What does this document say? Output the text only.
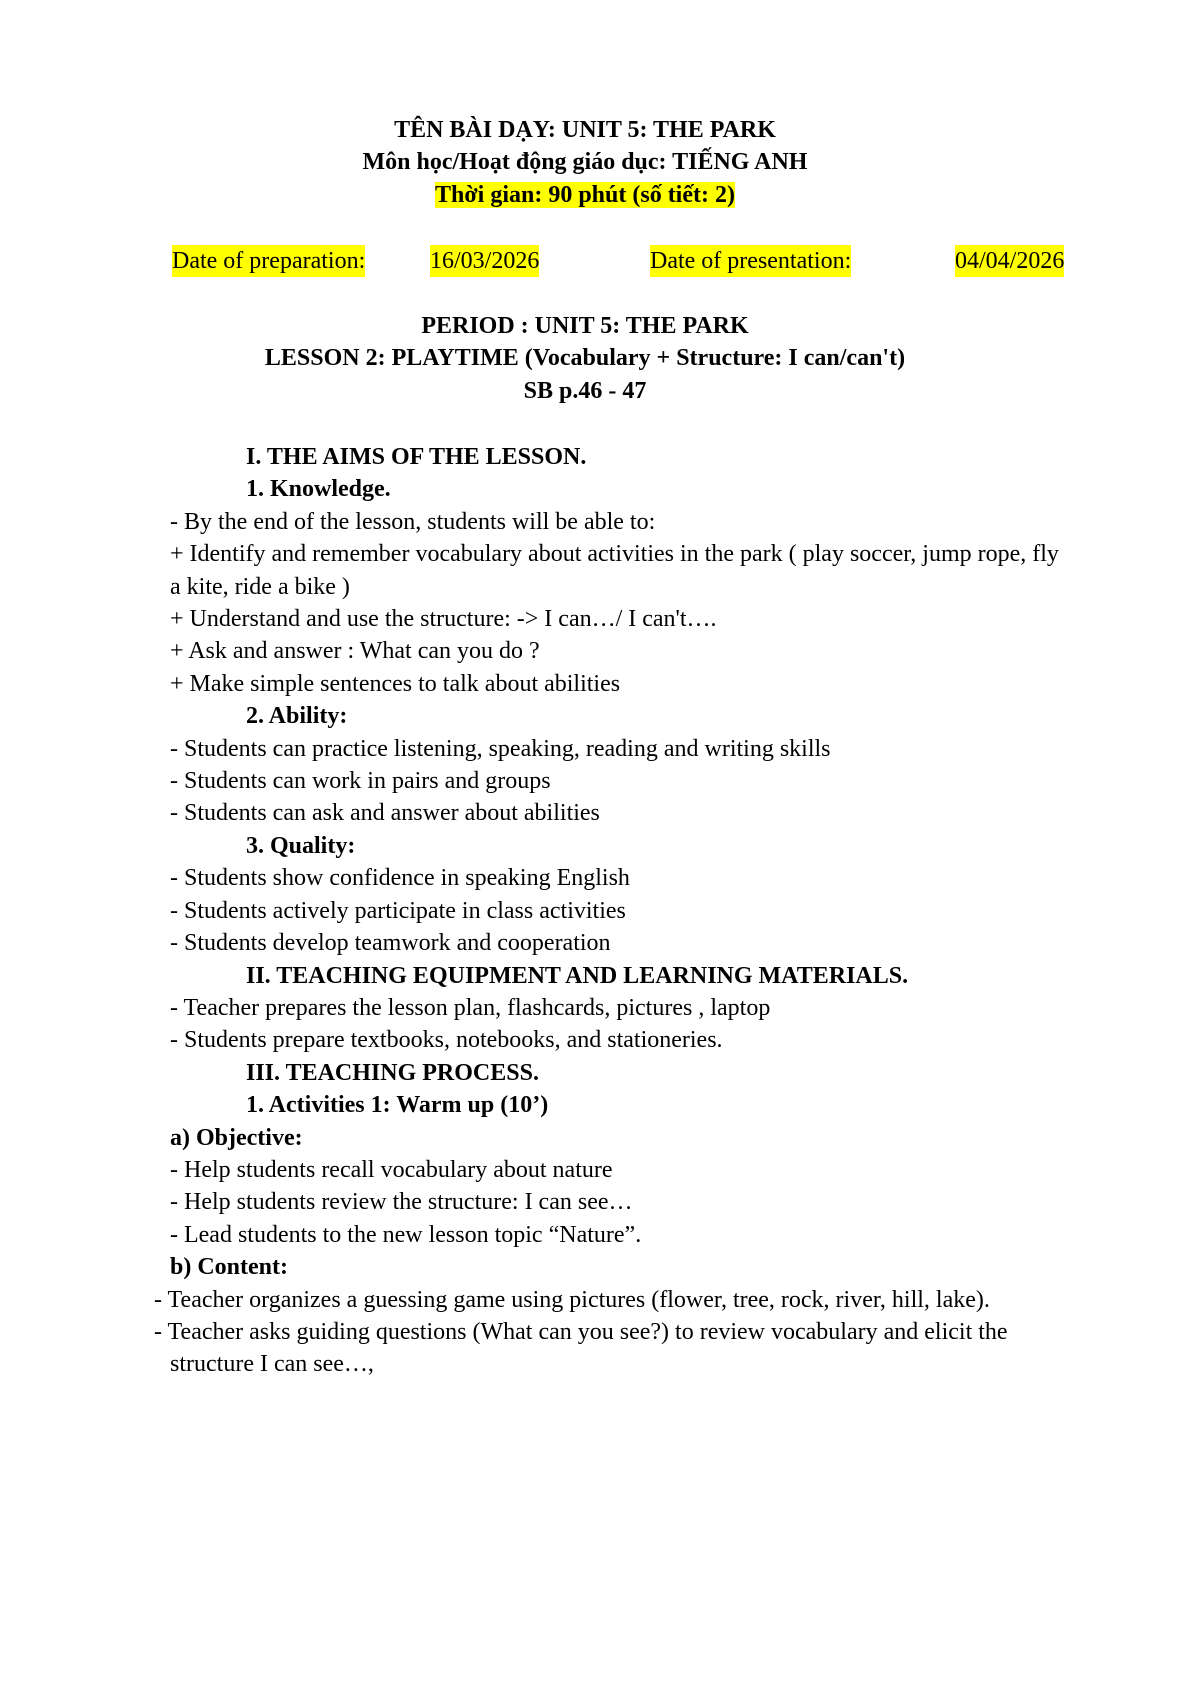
TÊN BÀI DẠY: UNIT 5: THE PARK
Môn học/Hoạt động giáo dục: TIẾNG ANH
Thời gian: 90 phút (số tiết: 2)
Date of preparation:	16/03/2026	Date of presentation:	04/04/2026
PERIOD : UNIT 5: THE PARK
LESSON 2: PLAYTIME (Vocabulary + Structure: I can/can't)
SB p.46 - 47
I. THE AIMS OF THE LESSON.
1. Knowledge.
- By the end of the lesson, students will be able to:
+ Identify and remember vocabulary about activities in the park ( play soccer, jump rope, fly a kite, ride a bike )
+ Understand and use the structure: -> I can…/ I can't….
+ Ask and answer : What can you do ?
+ Make simple sentences to talk about abilities
2. Ability:
- Students can practice listening, speaking, reading and writing skills
- Students can work in pairs and groups
- Students can ask and answer about abilities
3. Quality:
- Students show confidence in speaking English
- Students actively participate in class activities
- Students develop teamwork and cooperation
II. TEACHING EQUIPMENT AND LEARNING MATERIALS.
- Teacher prepares the lesson plan, flashcards, pictures , laptop
- Students prepare textbooks, notebooks, and stationeries.
III. TEACHING PROCESS.
1. Activities 1: Warm up (10’)
a) Objective:
- Help students recall vocabulary about nature
- Help students review the structure: I can see…
- Lead students to the new lesson topic “Nature”.
b) Content:
- Teacher organizes a guessing game using pictures (flower, tree, rock, river, hill, lake).
- Teacher asks guiding questions (What can you see?) to review vocabulary and elicit the structure I can see…,
